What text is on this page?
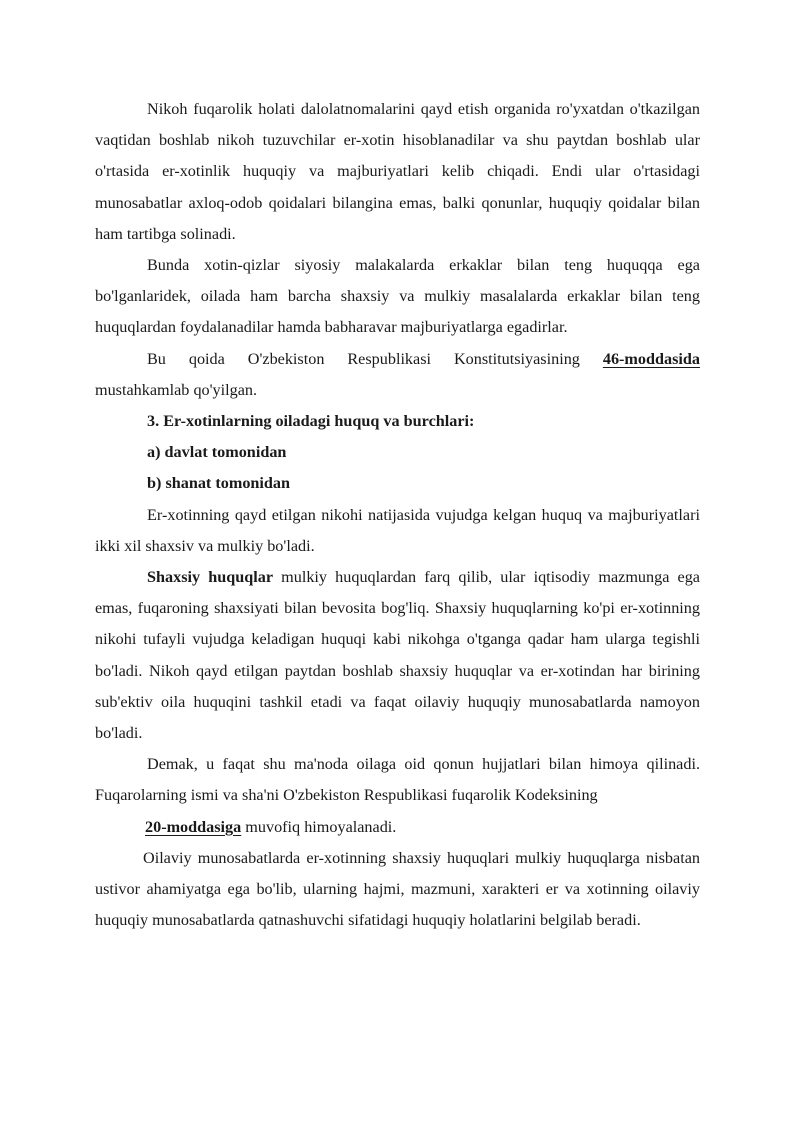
Nikoh fuqarolik holati dalolatnomalarini qayd etish organida ro'yxatdan o'tkazilgan vaqtidan boshlab nikoh tuzuvchilar er-xotin hisoblanadilar va shu paytdan boshlab ular o'rtasida er-xotinlik huquqiy va majburiyatlari kelib chiqadi. Endi ular o'rtasidagi munosabatlar axloq-odob qoidalari bilangina emas, balki qonunlar, huquqiy qoidalar bilan ham tartibga solinadi.

Bunda xotin-qizlar siyosiy malakalarda erkaklar bilan teng huquqqa ega bo'lganlaridek, oilada ham barcha shaxsiy va mulkiy masalalarda erkaklar bilan teng huquqlardan foydalanadilar hamda babharavar majburiyatlarga egadirlar.

Bu qoida O'zbekiston Respublikasi Konstitutsiyasining 46-moddasida mustahkamlab qo'yilgan.

3. Er-xotinlarning oiladagi huquq va burchlari:

a) davlat tomonidan

b) shanat tomonidan

Er-xotinning qayd etilgan nikohi natijasida vujudga kelgan huquq va majburiyatlari ikki xil shaxsiv va mulkiy bo'ladi.

Shaxsiy huquqlar mulkiy huquqlardan farq qilib, ular iqtisodiy mazmunga ega emas, fuqaroning shaxsiyati bilan bevosita bog'liq. Shaxsiy huquqlarning ko'pi er-xotinning nikohi tufayli vujudga keladigan huquqi kabi nikohga o'tganga qadar ham ularga tegishli bo'ladi. Nikoh qayd etilgan paytdan boshlab shaxsiy huquqlar va er-xotindan har birining sub'ektiv oila huquqini tashkil etadi va faqat oilaviy huquqiy munosabatlarda namoyon bo'ladi.

Demak, u faqat shu ma'noda oilaga oid qonun hujjatlari bilan himoya qilinadi. Fuqarolarning ismi va sha'ni O'zbekiston Respublikasi fuqarolik Kodeksining

20-moddasiga muvofiq himoyalanadi.

Oilaviy munosabatlarda er-xotinning shaxsiy huquqlari mulkiy huquqlarga nisbatan ustivor ahamiyatga ega bo'lib, ularning hajmi, mazmuni, xarakteri er va xotinning oilaviy huquqiy munosabatlarda qatnashuvchi sifatidagi huquqiy holatlarini belgilab beradi.
